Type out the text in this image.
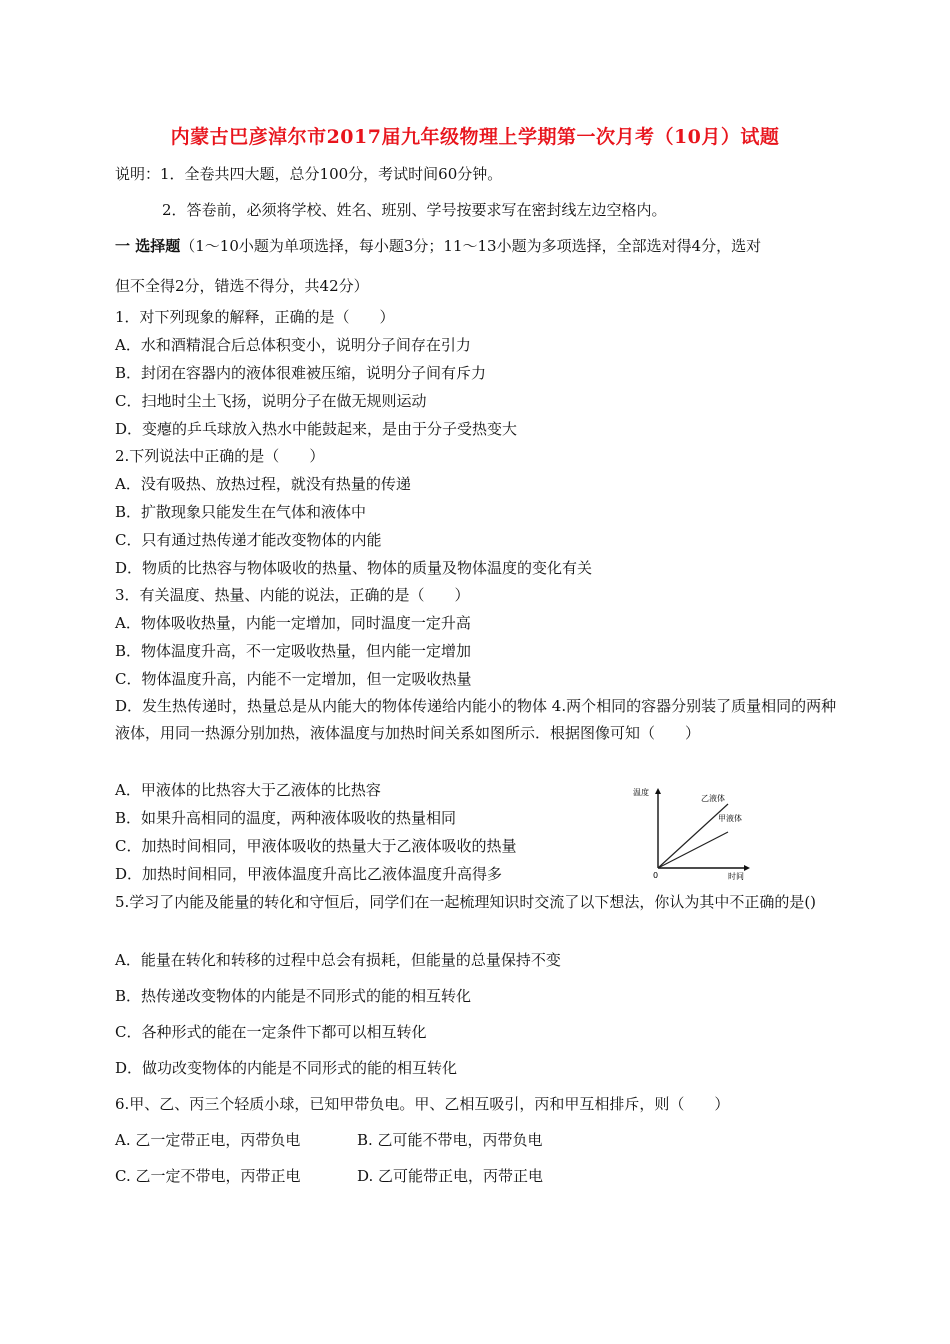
内蒙古巴彦淖尔市2017届九年级物理上学期第一次月考（10月）试题
说明：1．全卷共四大题，总分100分，考试时间60分钟。
2．答卷前，必须将学校、姓名、班别、学号按要求写在密封线左边空格内。
一 选择题（1～10小题为单项选择，每小题3分；11～13小题为多项选择，全部选对得4分，选对
但不全得2分，错选不得分，共42分）
1．对下列现象的解释，正确的是（　　）
A．水和酒精混合后总体积变小，说明分子间存在引力
B．封闭在容器内的液体很难被压缩，说明分子间有斥力
C．扫地时尘土飞扬，说明分子在做无规则运动
D．变瘪的乒乓球放入热水中能鼓起来，是由于分子受热变大
2.下列说法中正确的是（　　）
A．没有吸热、放热过程，就没有热量的传递
B．扩散现象只能发生在气体和液体中
C．只有通过热传递才能改变物体的内能
D．物质的比热容与物体吸收的热量、物体的质量及物体温度的变化有关
3．有关温度、热量、内能的说法，正确的是（　　）
A．物体吸收热量，内能一定增加，同时温度一定升高
B．物体温度升高，不一定吸收热量，但内能一定增加
C．物体温度升高，内能不一定增加，但一定吸收热量
D．发生热传递时，热量总是从内能大的物体传递给内能小的物体 4.两个相同的容器分别装了质量相同的两种液体，用同一热源分别加热，液体温度与加热时间关系如图所示．根据图像可知（　　）
A．甲液体的比热容大于乙液体的比热容
B．如果升高相同的温度，两种液体吸收的热量相同
C．加热时间相同，甲液体吸收的热量大于乙液体吸收的热量
D．加热时间相同，甲液体温度升高比乙液体温度升高得多
温度
时间
0
乙液体
甲液体
5.学习了内能及能量的转化和守恒后，同学们在一起梳理知识时交流了以下想法，你认为其中不正确的是()
A．能量在转化和转移的过程中总会有损耗，但能量的总量保持不变
B．热传递改变物体的内能是不同形式的能的相互转化
C．各种形式的能在一定条件下都可以相互转化
D．做功改变物体的内能是不同形式的能的相互转化
6.甲、乙、丙三个轻质小球，已知甲带负电。甲、乙相互吸引，丙和甲互相排斥，则（　　）
A. 乙一定带正电，丙带负电	B. 乙可能不带电，丙带负电
C. 乙一定不带电，丙带正电	D. 乙可能带正电，丙带正电
